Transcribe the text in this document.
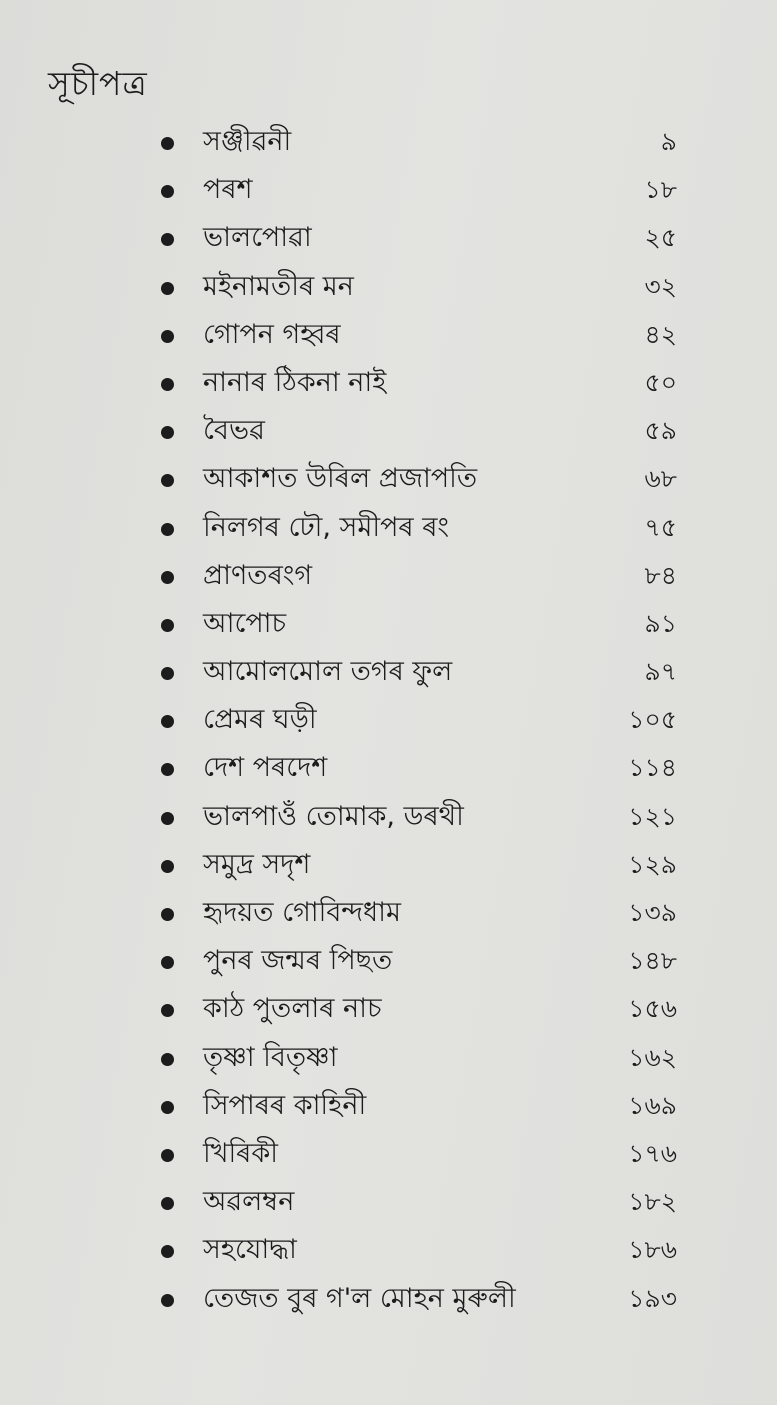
সূচীপত্ৰ
সঞ্জীৱনী	৯
পৰশ	১৮
ভালপোৱা	২৫
মইনামতীৰ মন	৩২
গোপন গহ্বৰ	৪২
নানাৰ ঠিকনা নাই	৫০
বৈভৱ	৫৯
আকাশত উৰিল প্ৰজাপতি	৬৮
নিলগৰ ঢৌ, সমীপৰ ৰং	৭৫
প্ৰাণতৰংগ	৮৪
আপোচ	৯১
আমোলমোল তগৰ ফুল	৯৭
প্ৰেমৰ ঘড়ী	১০৫
দেশ পৰদেশ	১১৪
ভালপাওঁ তোমাক, ডৰথী	১২১
সমুদ্ৰ সদৃশ	১২৯
হৃদয়ত গোবিন্দধাম	১৩৯
পুনৰ জন্মৰ পিছত	১৪৮
কাঠ পুতলাৰ নাচ	১৫৬
তৃষ্ণা বিতৃষ্ণা	১৬২
সিপাৰৰ কাহিনী	১৬৯
খিৰিকী	১৭৬
অৱলম্বন	১৮২
সহযোদ্ধা	১৮৬
তেজত বুৰ গ'ল মোহন মুৰুলী	১৯৩
